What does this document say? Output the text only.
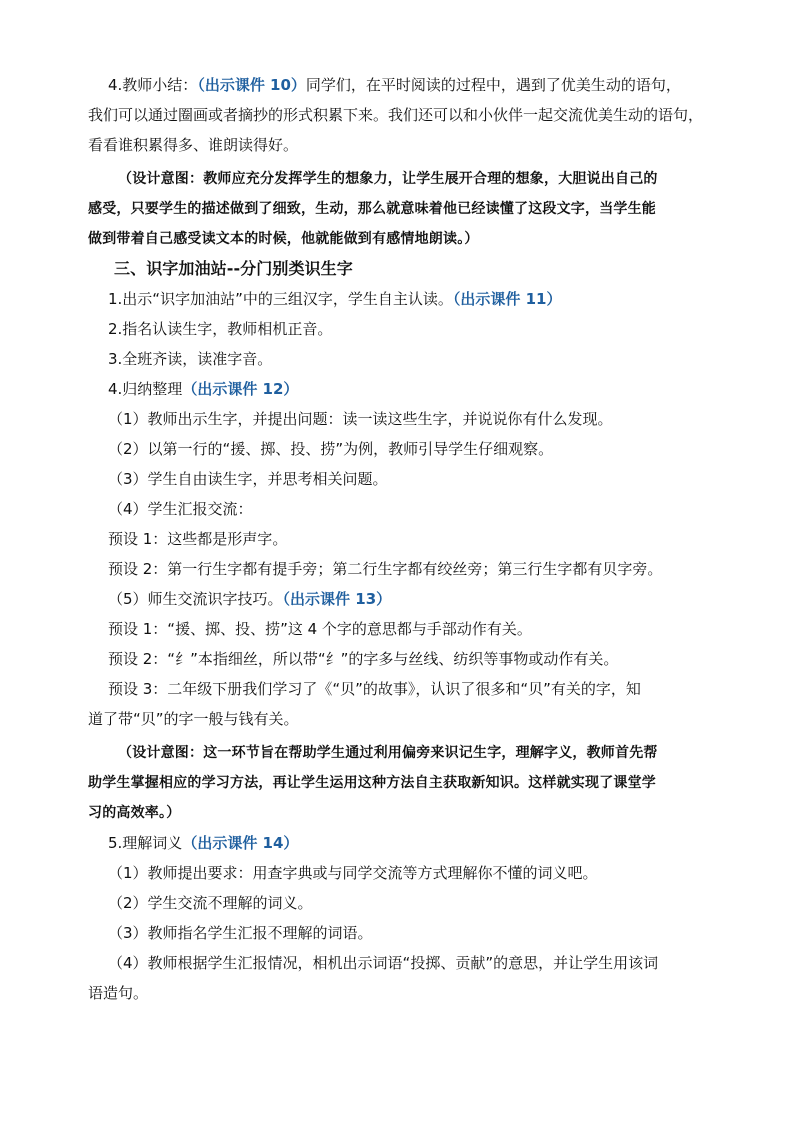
4.教师小结：（出示课件 10）同学们，在平时阅读的过程中，遇到了优美生动的语句，
我们可以通过圈画或者摘抄的形式积累下来。我们还可以和小伙伴一起交流优美生动的语句，
看看谁积累得多、谁朗读得好。
（设计意图：教师应充分发挥学生的想象力，让学生展开合理的想象，大胆说出自己的
感受，只要学生的描述做到了细致，生动，那么就意味着他已经读懂了这段文字，当学生能
做到带着自己感受读文本的时候，他就能做到有感情地朗读。）
三、识字加油站--分门别类识生字
1.出示“识字加油站”中的三组汉字，学生自主认读。（出示课件 11）
2.指名认读生字，教师相机正音。
3.全班齐读，读准字音。
4.归纳整理（出示课件 12）
（1）教师出示生字，并提出问题：读一读这些生字，并说说你有什么发现。
（2）以第一行的“援、掷、投、捞”为例，教师引导学生仔细观察。
（3）学生自由读生字，并思考相关问题。
（4）学生汇报交流：
预设 1：这些都是形声字。
预设 2：第一行生字都有提手旁；第二行生字都有绞丝旁；第三行生字都有贝字旁。
（5）师生交流识字技巧。（出示课件 13）
预设 1：“援、掷、投、捞”这 4 个字的意思都与手部动作有关。
预设 2：“纟”本指细丝，所以带“纟”的字多与丝线、纺织等事物或动作有关。
预设 3：二年级下册我们学习了《“贝”的故事》，认识了很多和“贝”有关的字，知
道了带“贝”的字一般与钱有关。
（设计意图：这一环节旨在帮助学生通过利用偏旁来识记生字，理解字义，教师首先帮
助学生掌握相应的学习方法，再让学生运用这种方法自主获取新知识。这样就实现了课堂学
习的高效率。）
5.理解词义（出示课件 14）
（1）教师提出要求：用查字典或与同学交流等方式理解你不懂的词义吧。
（2）学生交流不理解的词义。
（3）教师指名学生汇报不理解的词语。
（4）教师根据学生汇报情况，相机出示词语“投掷、贡献”的意思，并让学生用该词
语造句。
